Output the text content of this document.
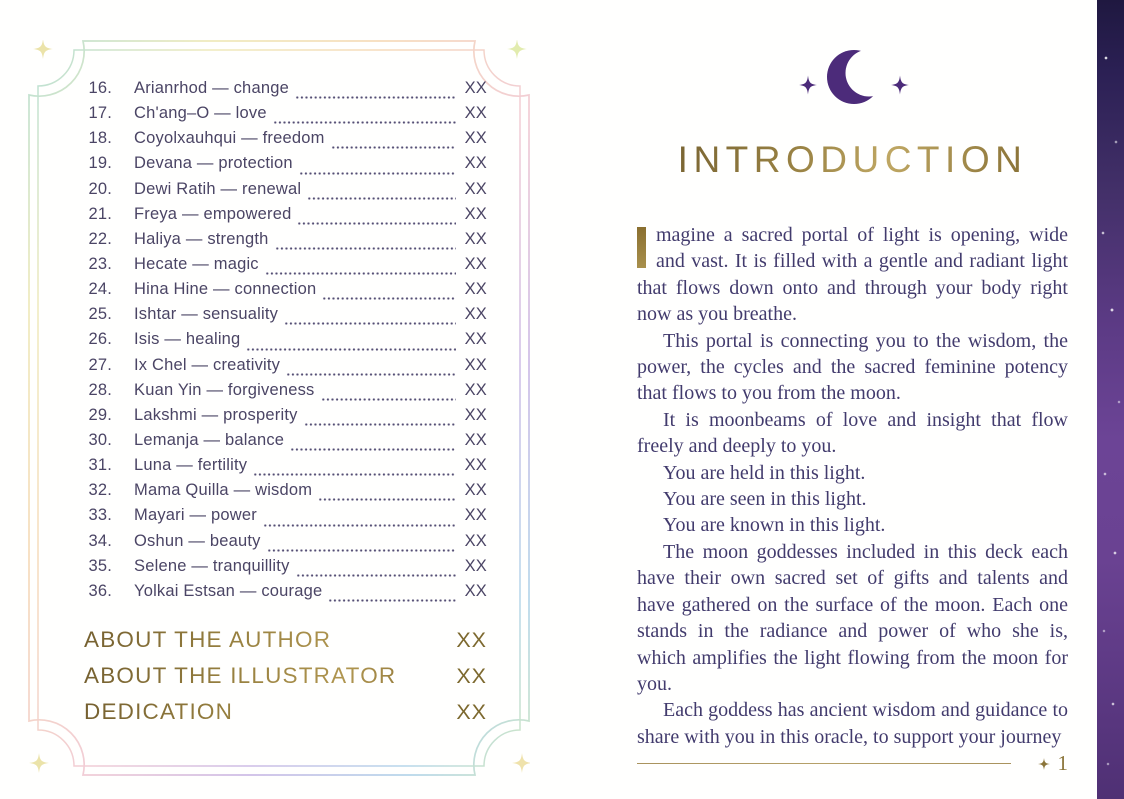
16. Arianrhod — change	XX
17. Ch'ang–O — love	XX
18. Coyolxauhqui — freedom	XX
19. Devana — protection	XX
20. Dewi Ratih — renewal	XX
21. Freya — empowered	XX
22. Haliya — strength	XX
23. Hecate — magic	XX
24. Hina Hine — connection	XX
25. Ishtar — sensuality	XX
26. Isis — healing	XX
27. Ix Chel — creativity	XX
28. Kuan Yin — forgiveness	XX
29. Lakshmi — prosperity	XX
30. Lemanja — balance	XX
31. Luna — fertility	XX
32. Mama Quilla — wisdom	XX
33. Mayari — power	XX
34. Oshun — beauty	XX
35. Selene — tranquillity	XX
36. Yolkai Estsan — courage	XX
ABOUT THE AUTHOR	XX
ABOUT THE ILLUSTRATOR	XX
DEDICATION	XX
INTRODUCTION

magine a sacred portal of light is opening, wide and vast. It is filled with a gentle and radiant light that flows down onto and through your body right now as you breathe.

This portal is connecting you to the wisdom, the power, the cycles and the sacred feminine potency that flows to you from the moon.

It is moonbeams of love and insight that flow freely and deeply to you.

You are held in this light.

You are seen in this light.

You are known in this light.

The moon goddesses included in this deck each have their own sacred set of gifts and talents and have gathered on the surface of the moon. Each one stands in the radiance and power of who she is, which amplifies the light flowing from the moon for you.

Each goddess has ancient wisdom and guidance to share with you in this oracle, to support your journey

1
